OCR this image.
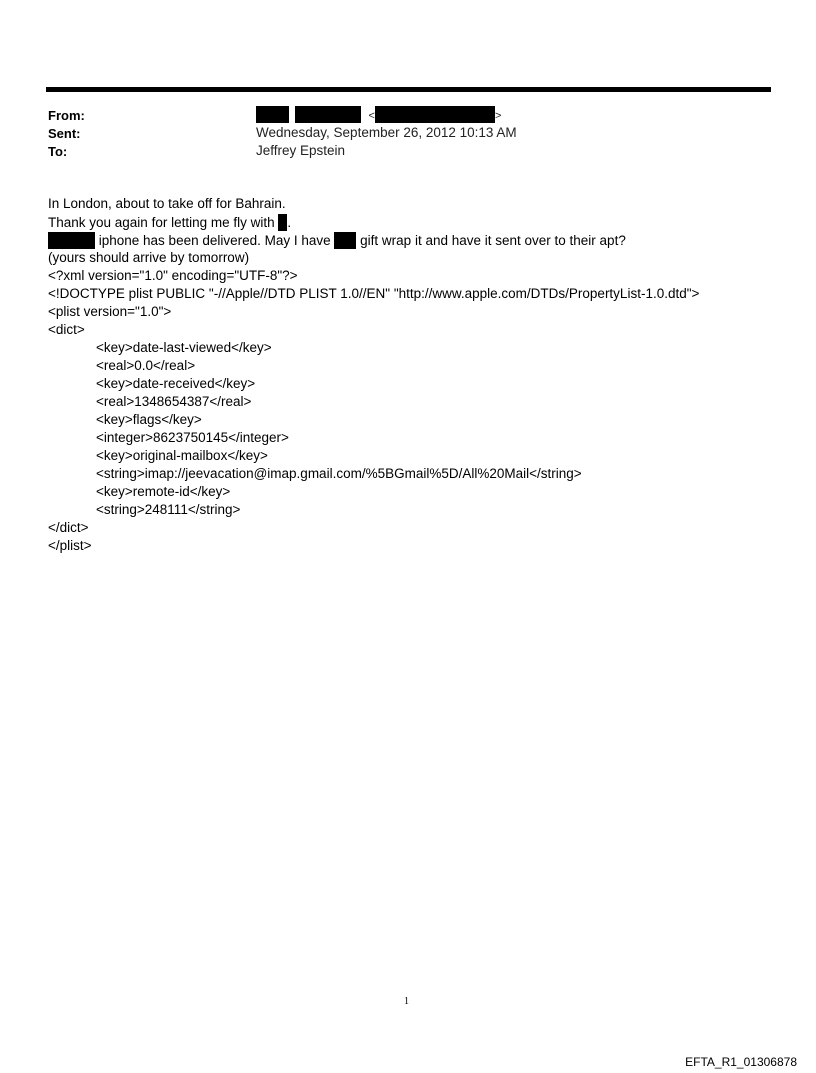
From:	<	>
Sent:	Wednesday, September 26, 2012 10:13 AM
To:	Jeffrey Epstein
In London, about to take off for Bahrain.
Thank you again for letting me fly with .
iphone has been delivered. May I have  gift wrap it and have it sent over to their apt?
(yours should arrive by tomorrow)
<?xml version="1.0" encoding="UTF-8"?>
<!DOCTYPE plist PUBLIC "-//Apple//DTD PLIST 1.0//EN" "http://www.apple.com/DTDs/PropertyList-1.0.dtd">
<plist version="1.0">
<dict>
<key>date-last-viewed</key>
<real>0.0</real>
<key>date-received</key>
<real>1348654387</real>
<key>flags</key>
<integer>8623750145</integer>
<key>original-mailbox</key>
<string>imap://jeevacation@imap.gmail.com/%5BGmail%5D/All%20Mail</string>
<key>remote-id</key>
<string>248111</string>
</dict>
</plist>
1
EFTA_R1_01306878
